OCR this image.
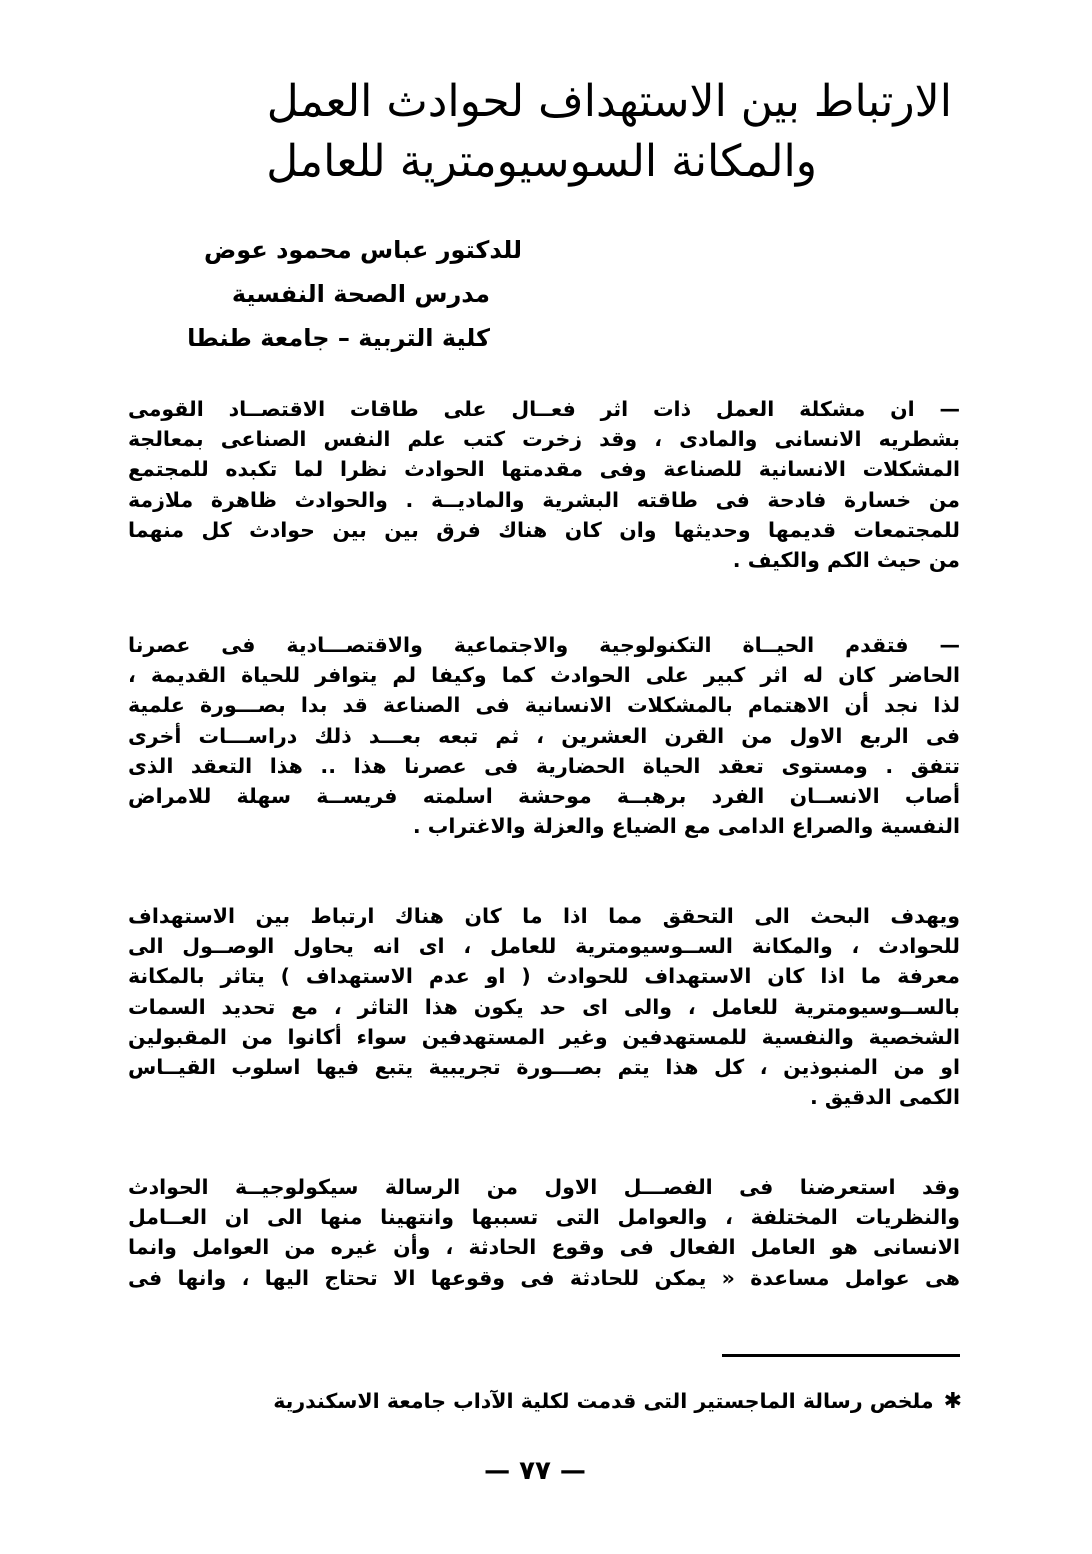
الارتباط بين الاستهداف لحوادث العمل
والمكانة السوسيومترية للعامل
للدكتور عباس محمود عوض
مدرس الصحة النفسية
كلية التربية – جامعة طنطا
— ان مشكلة العمل ذات اثر فعــال على طاقات الاقتصــاد القومى
بشطريه الانسانى والمادى ، وقد زخرت كتب علم النفس الصناعى بمعالجة
المشكلات الانسانية للصناعة وفى مقدمتها الحوادث نظرا لما تكبده للمجتمع
من خسارة فادحة فى طاقته البشرية والماديــة . والحوادث ظاهرة ملازمة
للمجتمعات قديمها وحديثها وان كان هناك فرق بين بين حوادث كل منهما
من حيث الكم والكيف .
— فتقدم الحيــاة التكنولوجية والاجتماعية والاقتصـــادية فى عصرنا
الحاضر كان له اثر كبير على الحوادث كما وكيفا لم يتوافر للحياة القديمة ،
لذا نجد أن الاهتمام بالمشكلات الانسانية فى الصناعة قد بدا بصـــورة علمية
فى الربع الاول من القرن العشرين ، ثم تبعه بعـــد ذلك دراســـات أخرى
تتفق . ومستوى تعقد الحياة الحضارية فى عصرنا هذا .. هذا التعقد الذى
أصاب الانســان الفرد برهبــة موحشة اسلمته فريســة سهلة للامراض
النفسية والصراع الدامى مع الضياع والعزلة والاغتراب .
ويهدف البحث الى التحقق مما اذا ما كان هناك ارتباط بين الاستهداف
للحوادث ، والمكانة الســوسيومترية للعامل ، اى انه يحاول الوصــول الى
معرفة ما اذا كان الاستهداف للحوادث ( او عدم الاستهداف ) يتاثر بالمكانة
بالســوسيومترية للعامل ، والى اى حد يكون هذا التاثر ، مع تحديد السمات
الشخصية والنفسية للمستهدفين وغير المستهدفين سواء أكانوا من المقبولين
او من المنبوذين ، كل هذا يتم بصـــورة تجريبية يتبع فيها اسلوب القيــاس
الكمى الدقيق .
وقد استعرضنا فى الفصـــل الاول من الرسالة سيكولوجيــة الحوادث
والنظريات المختلفة ، والعوامل التى تسببها وانتهينا منها الى ان العــامل
الانسانى هو العامل الفعال فى وقوع الحادثة ، وأن غيره من العوامل وانما
هى عوامل مساعدة « يمكن للحادثة فى وقوعها الا تحتاج اليها ، وانها فى
✱ملخص رسالة الماجستير التى قدمت لكلية الآداب جامعة الاسكندرية
— ٧٧ —
